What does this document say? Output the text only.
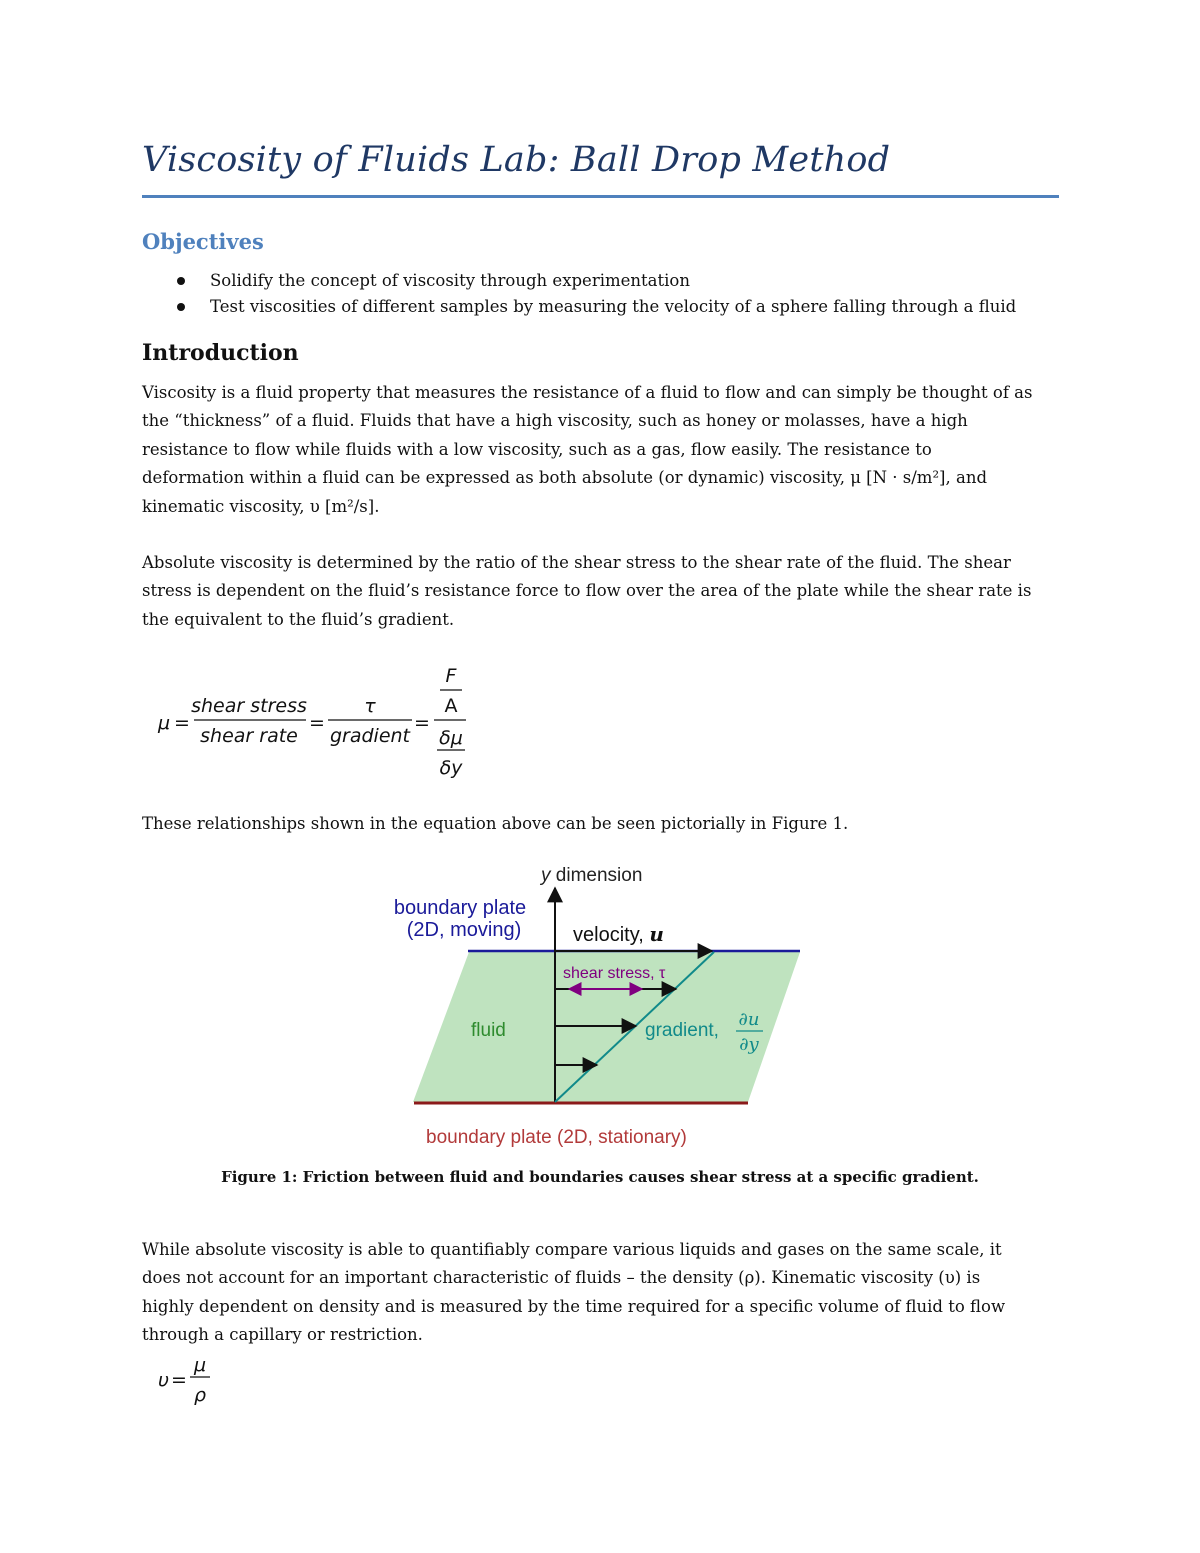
Viscosity of Fluids Lab: Ball Drop Method
Objectives
Solidify the concept of viscosity through experimentation
Test viscosities of different samples by measuring the velocity of a sphere falling through a fluid
Introduction
Viscosity is a fluid property that measures the resistance of a fluid to flow and can simply be thought of as
the “thickness” of a fluid. Fluids that have a high viscosity, such as honey or molasses, have a high
resistance to flow while fluids with a low viscosity, such as a gas, flow easily. The resistance to
deformation within a fluid can be expressed as both absolute (or dynamic) viscosity, μ [N · s/m²], and
kinematic viscosity, υ [m²/s].
Absolute viscosity is determined by the ratio of the shear stress to the shear rate of the fluid. The shear
stress is dependent on the fluid’s resistance force to flow over the area of the plate while the shear rate is
the equivalent to the fluid’s gradient.
μ =
shear stress
shear rate
=
τ
gradient
=
F
A
δμ
δy
These relationships shown in the equation above can be seen pictorially in Figure 1.
y dimension
boundary plate
(2D, moving)	velocity, u
shear stress, τ
fluid	gradient,
∂u
∂y
boundary plate (2D, stationary)
Figure 1: Friction between fluid and boundaries causes shear stress at a specific gradient.
While absolute viscosity is able to quantifiably compare various liquids and gases on the same scale, it
does not account for an important characteristic of fluids – the density (ρ). Kinematic viscosity (υ) is
highly dependent on density and is measured by the time required for a specific volume of fluid to flow
through a capillary or restriction.
υ =
μ
ρ
